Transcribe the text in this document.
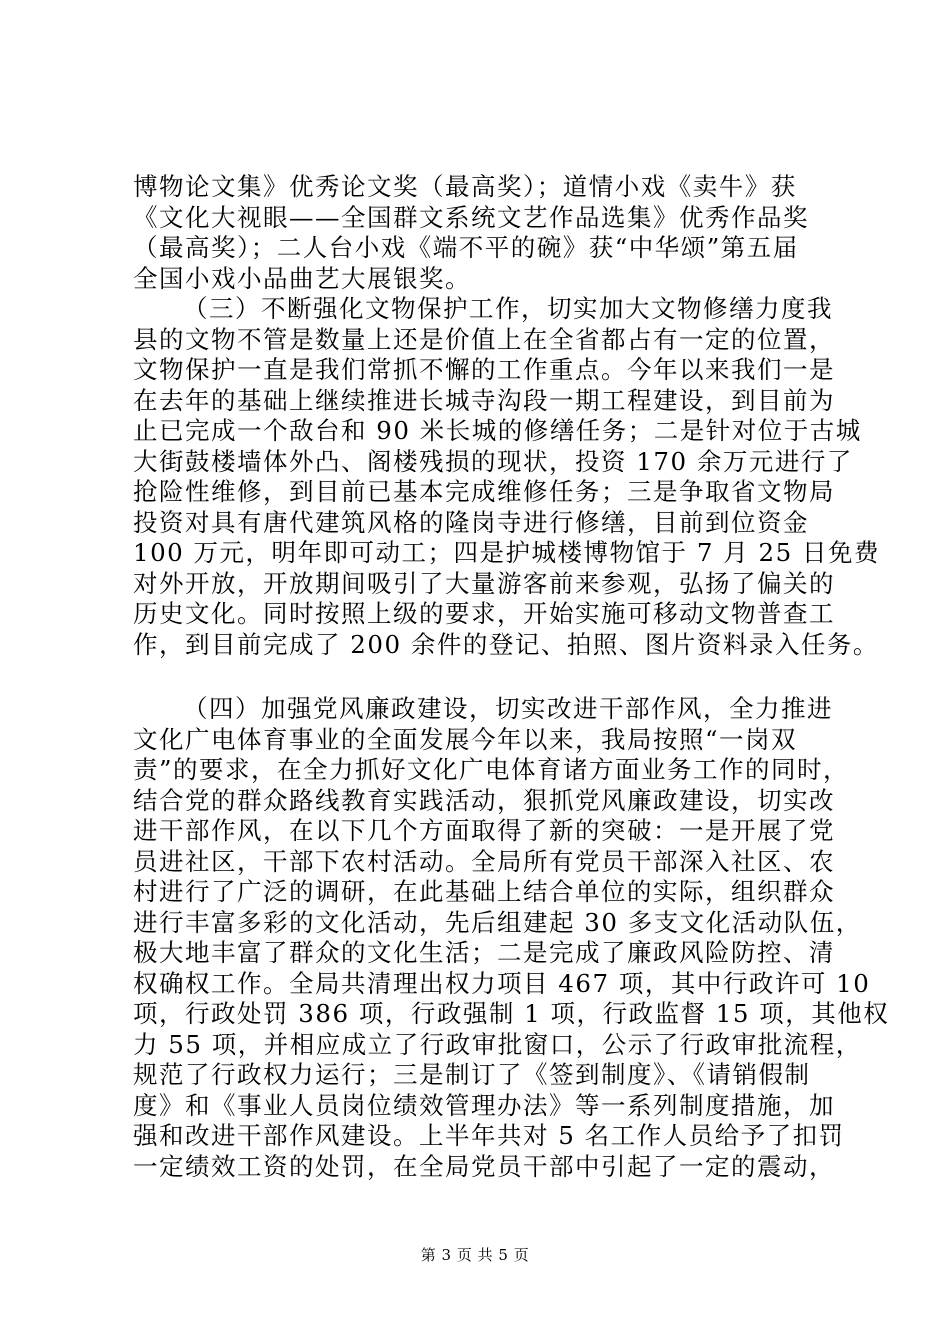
博物论文集》优秀论文奖（最高奖）；道情小戏《卖牛》获
《文化大视眼——全国群文系统文艺作品选集》优秀作品奖
（最高奖）；二人台小戏《端不平的碗》获“中华颂”第五届
全国小戏小品曲艺大展银奖。
（三）不断强化文物保护工作，切实加大文物修缮力度我
县的文物不管是数量上还是价值上在全省都占有一定的位置，
文物保护一直是我们常抓不懈的工作重点。今年以来我们一是
在去年的基础上继续推进长城寺沟段一期工程建设，到目前为
止已完成一个敌台和 90 米长城的修缮任务；二是针对位于古城
大街鼓楼墙体外凸、阁楼残损的现状，投资 170 余万元进行了
抢险性维修，到目前已基本完成维修任务；三是争取省文物局
投资对具有唐代建筑风格的隆岗寺进行修缮，目前到位资金
100 万元，明年即可动工；四是护城楼博物馆于 7 月 25 日免费
对外开放，开放期间吸引了大量游客前来参观，弘扬了偏关的
历史文化。同时按照上级的要求，开始实施可移动文物普查工
作，到目前完成了 200 余件的登记、拍照、图片资料录入任务。
（四）加强党风廉政建设，切实改进干部作风，全力推进
文化广电体育事业的全面发展今年以来，我局按照“一岗双
责”的要求，在全力抓好文化广电体育诸方面业务工作的同时，
结合党的群众路线教育实践活动，狠抓党风廉政建设，切实改
进干部作风，在以下几个方面取得了新的突破：一是开展了党
员进社区，干部下农村活动。全局所有党员干部深入社区、农
村进行了广泛的调研，在此基础上结合单位的实际，组织群众
进行丰富多彩的文化活动，先后组建起 30 多支文化活动队伍，
极大地丰富了群众的文化生活；二是完成了廉政风险防控、清
权确权工作。全局共清理出权力项目 467 项，其中行政许可 10
项，行政处罚 386 项，行政强制 1 项，行政监督 15 项，其他权
力 55 项，并相应成立了行政审批窗口，公示了行政审批流程，
规范了行政权力运行；三是制订了《签到制度》、《请销假制
度》和《事业人员岗位绩效管理办法》等一系列制度措施，加
强和改进干部作风建设。上半年共对 5 名工作人员给予了扣罚
一定绩效工资的处罚，在全局党员干部中引起了一定的震动，
第 3 页 共 5 页
